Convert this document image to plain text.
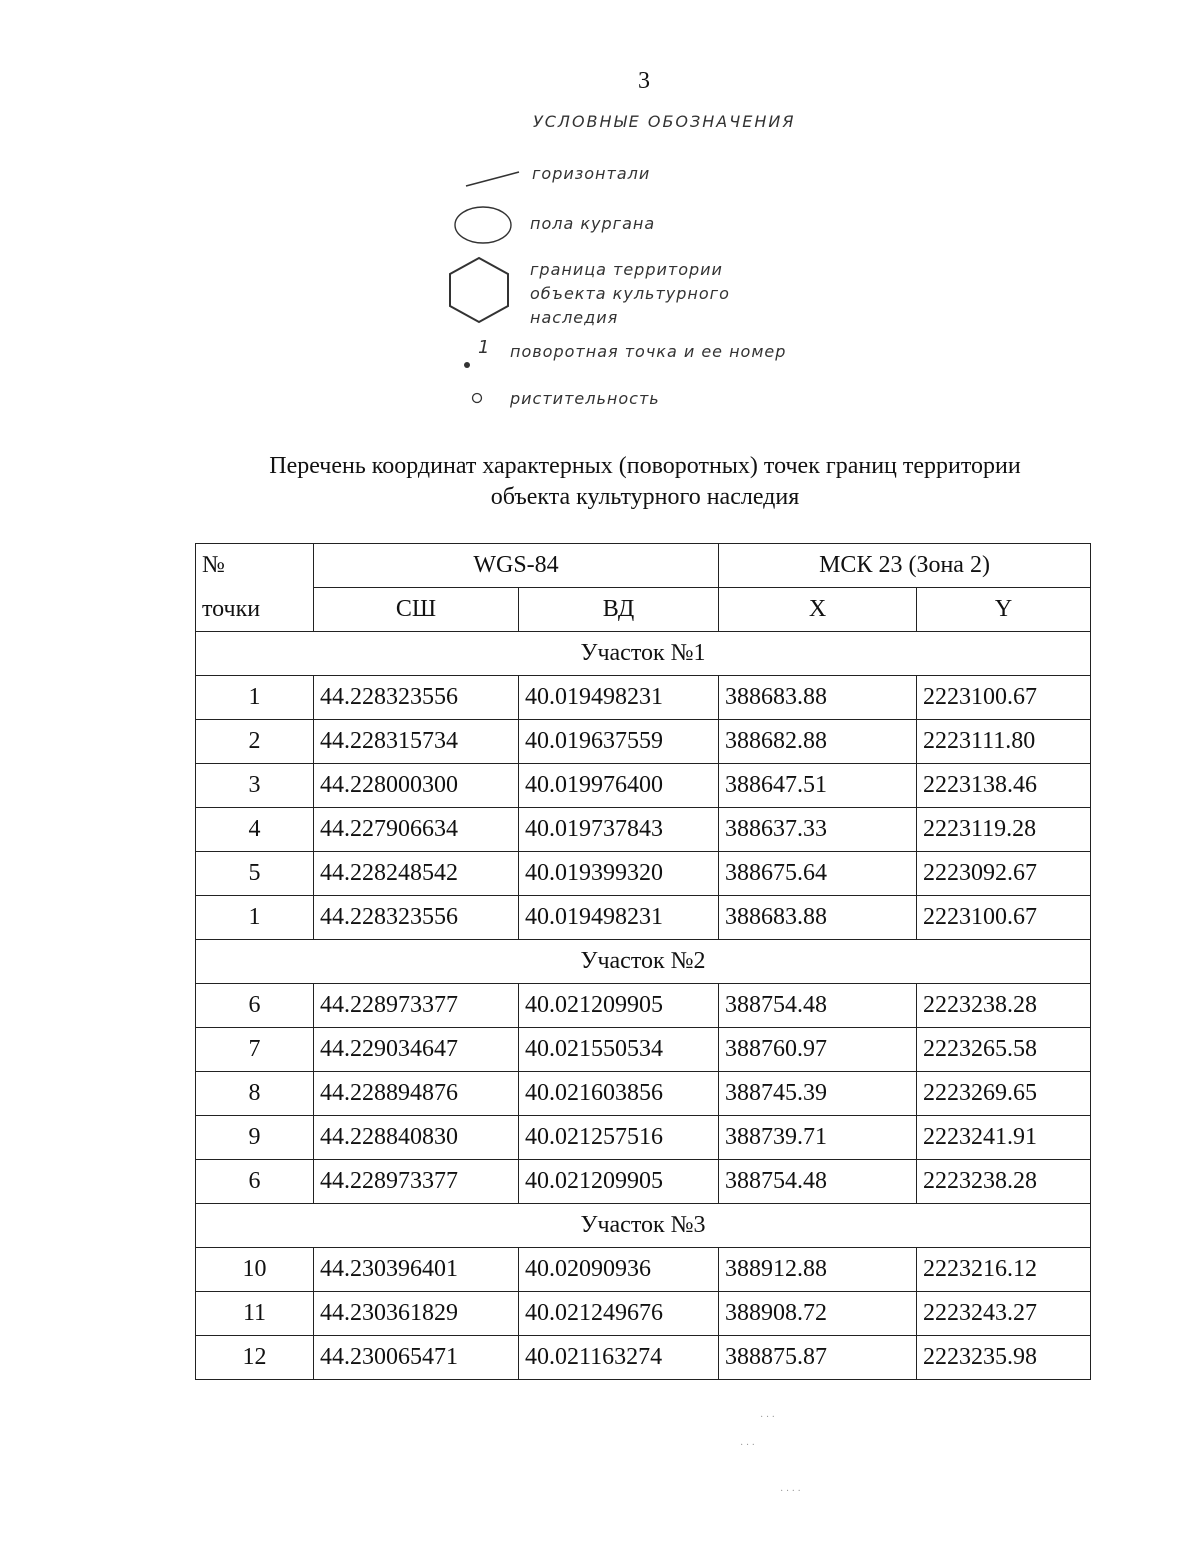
3
УСЛОВНЫЕ ОБОЗНАЧЕНИЯ
горизонтали
пола кургана
граница территории
объекта культурного
наследия
1 поворотная точка и ее номер
ристительность
Перечень координат характерных (поворотных) точек границ территории
объекта культурного наследия
№	WGS-84		МСК 23 (Зона 2)	
точки	СШ	ВД	X	Y
Участок №1				
1	44.228323556	40.019498231	388683.88	2223100.67
2	44.228315734	40.019637559	388682.88	2223111.80
3	44.228000300	40.019976400	388647.51	2223138.46
4	44.227906634	40.019737843	388637.33	2223119.28
5	44.228248542	40.019399320	388675.64	2223092.67
1	44.228323556	40.019498231	388683.88	2223100.67
Участок №2				
6	44.228973377	40.021209905	388754.48	2223238.28
7	44.229034647	40.021550534	388760.97	2223265.58
8	44.228894876	40.021603856	388745.39	2223269.65
9	44.228840830	40.021257516	388739.71	2223241.91
6	44.228973377	40.021209905	388754.48	2223238.28
Участок №3				
10	44.230396401	40.02090936	388912.88	2223216.12
11	44.230361829	40.021249676	388908.72	2223243.27
12	44.230065471	40.021163274	388875.87	2223235.98
· · ·
· · ·
· · · ·
